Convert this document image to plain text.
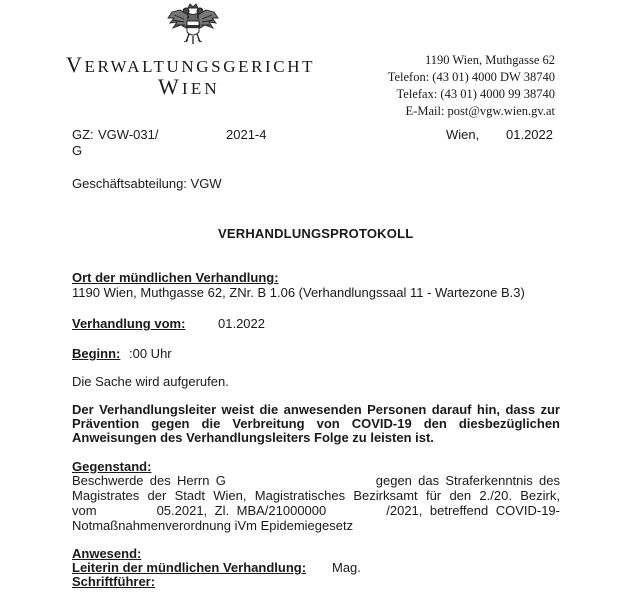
VERWALTUNGSGERICHT
WIEN
1190 Wien, Muthgasse 62
Telefon: (43 01) 4000 DW 38740
Telefax: (43 01) 4000 99 38740
E-Mail: post@vgw.wien.gv.at
GZ: VGW-031/	2021-4
G
Wien, 01.2022
Geschäftsabteilung: VGW
VERHANDLUNGSPROTOKOLL
Ort der mündlichen Verhandlung:
1190 Wien, Muthgasse 62, ZNr. B 1.06 (Verhandlungssaal 11 - Wartezone B.3)
Verhandlung vom:	01.2022
Beginn: :00 Uhr
Die Sache wird aufgerufen.
Der Verhandlungsleiter weist die anwesenden Personen darauf hin, dass zur
Prävention gegen die Verbreitung von COVID-19 den diesbezüglichen
Anweisungen des Verhandlungsleiters Folge zu leisten ist.
Gegenstand:
Beschwerde des Herrn G                        gegen das Straferkenntnis des
Magistrates der Stadt Wien, Magistratisches Bezirksamt für den 2./20. Bezirk,
vom        05.2021, Zl. MBA/21000000        /2021, betreffend COVID-19-
Notmaßnahmenverordnung iVm Epidemiegesetz
Anwesend:
Leiterin der mündlichen Verhandlung: Mag.
Schriftführer:
